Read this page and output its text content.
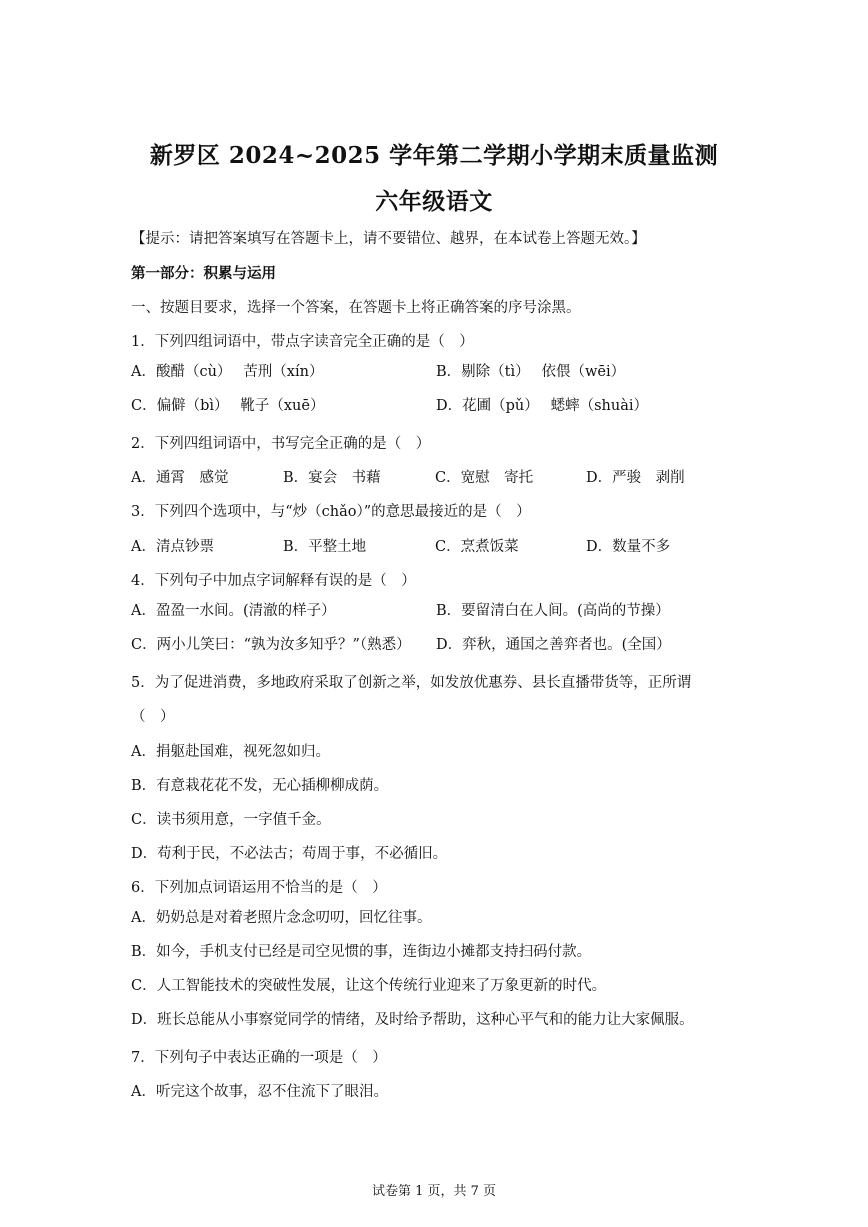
新罗区 2024~2025 学年第二学期小学期末质量监测
六年级语文
【提示：请把答案填写在答题卡上，请不要错位、越界，在本试卷上答题无效。】
第一部分：积累与运用
一、按题目要求，选择一个答案，在答题卡上将正确答案的序号涂黑。
1．下列四组词语中，带点字读音完全正确的是（　）
A．酸醋（cù）　 苦刑（xín）	B．剔除（tì）　 依偎（wēi）
C．偏僻（bì）　 靴子（xuē）	D．花圃（pǔ）　 蟋蟀（shuài）
2．下列四组词语中，书写完全正确的是（　）
A．通霄　感觉	B．宴会　书藉	C．宽慰　寄托	D．严骏　剥削
3．下列四个选项中，与“炒（chǎo）”的意思最接近的是（　）
A．清点钞票	B．平整土地	C．烹煮饭菜	D．数量不多
4．下列句子中加点字词解释有误的是（　）
A．盈盈一水间。(清澈的样子）	B．要留清白在人间。(高尚的节操）
C．两小儿笑曰：“孰为汝多知乎？”（熟悉） D．弈秋，通国之善弈者也。(全国）
5．为了促进消费，多地政府采取了创新之举，如发放优惠券、县长直播带货等，正所谓
（　）
A．捐躯赴国难，视死忽如归。
B．有意栽花花不发，无心插柳柳成荫。
C．读书须用意，一字值千金。
D．苟利于民，不必法古；苟周于事，不必循旧。
6．下列加点词语运用不恰当的是（　）
A．奶奶总是对着老照片念念叨叨，回忆往事。
B．如今，手机支付已经是司空见惯的事，连街边小摊都支持扫码付款。
C．人工智能技术的突破性发展，让这个传统行业迎来了万象更新的时代。
D．班长总能从小事察觉同学的情绪，及时给予帮助，这种心平气和的能力让大家佩服。
7．下列句子中表达正确的一项是（　）
A．听完这个故事，忍不住流下了眼泪。
试卷第 1 页，共 7 页
